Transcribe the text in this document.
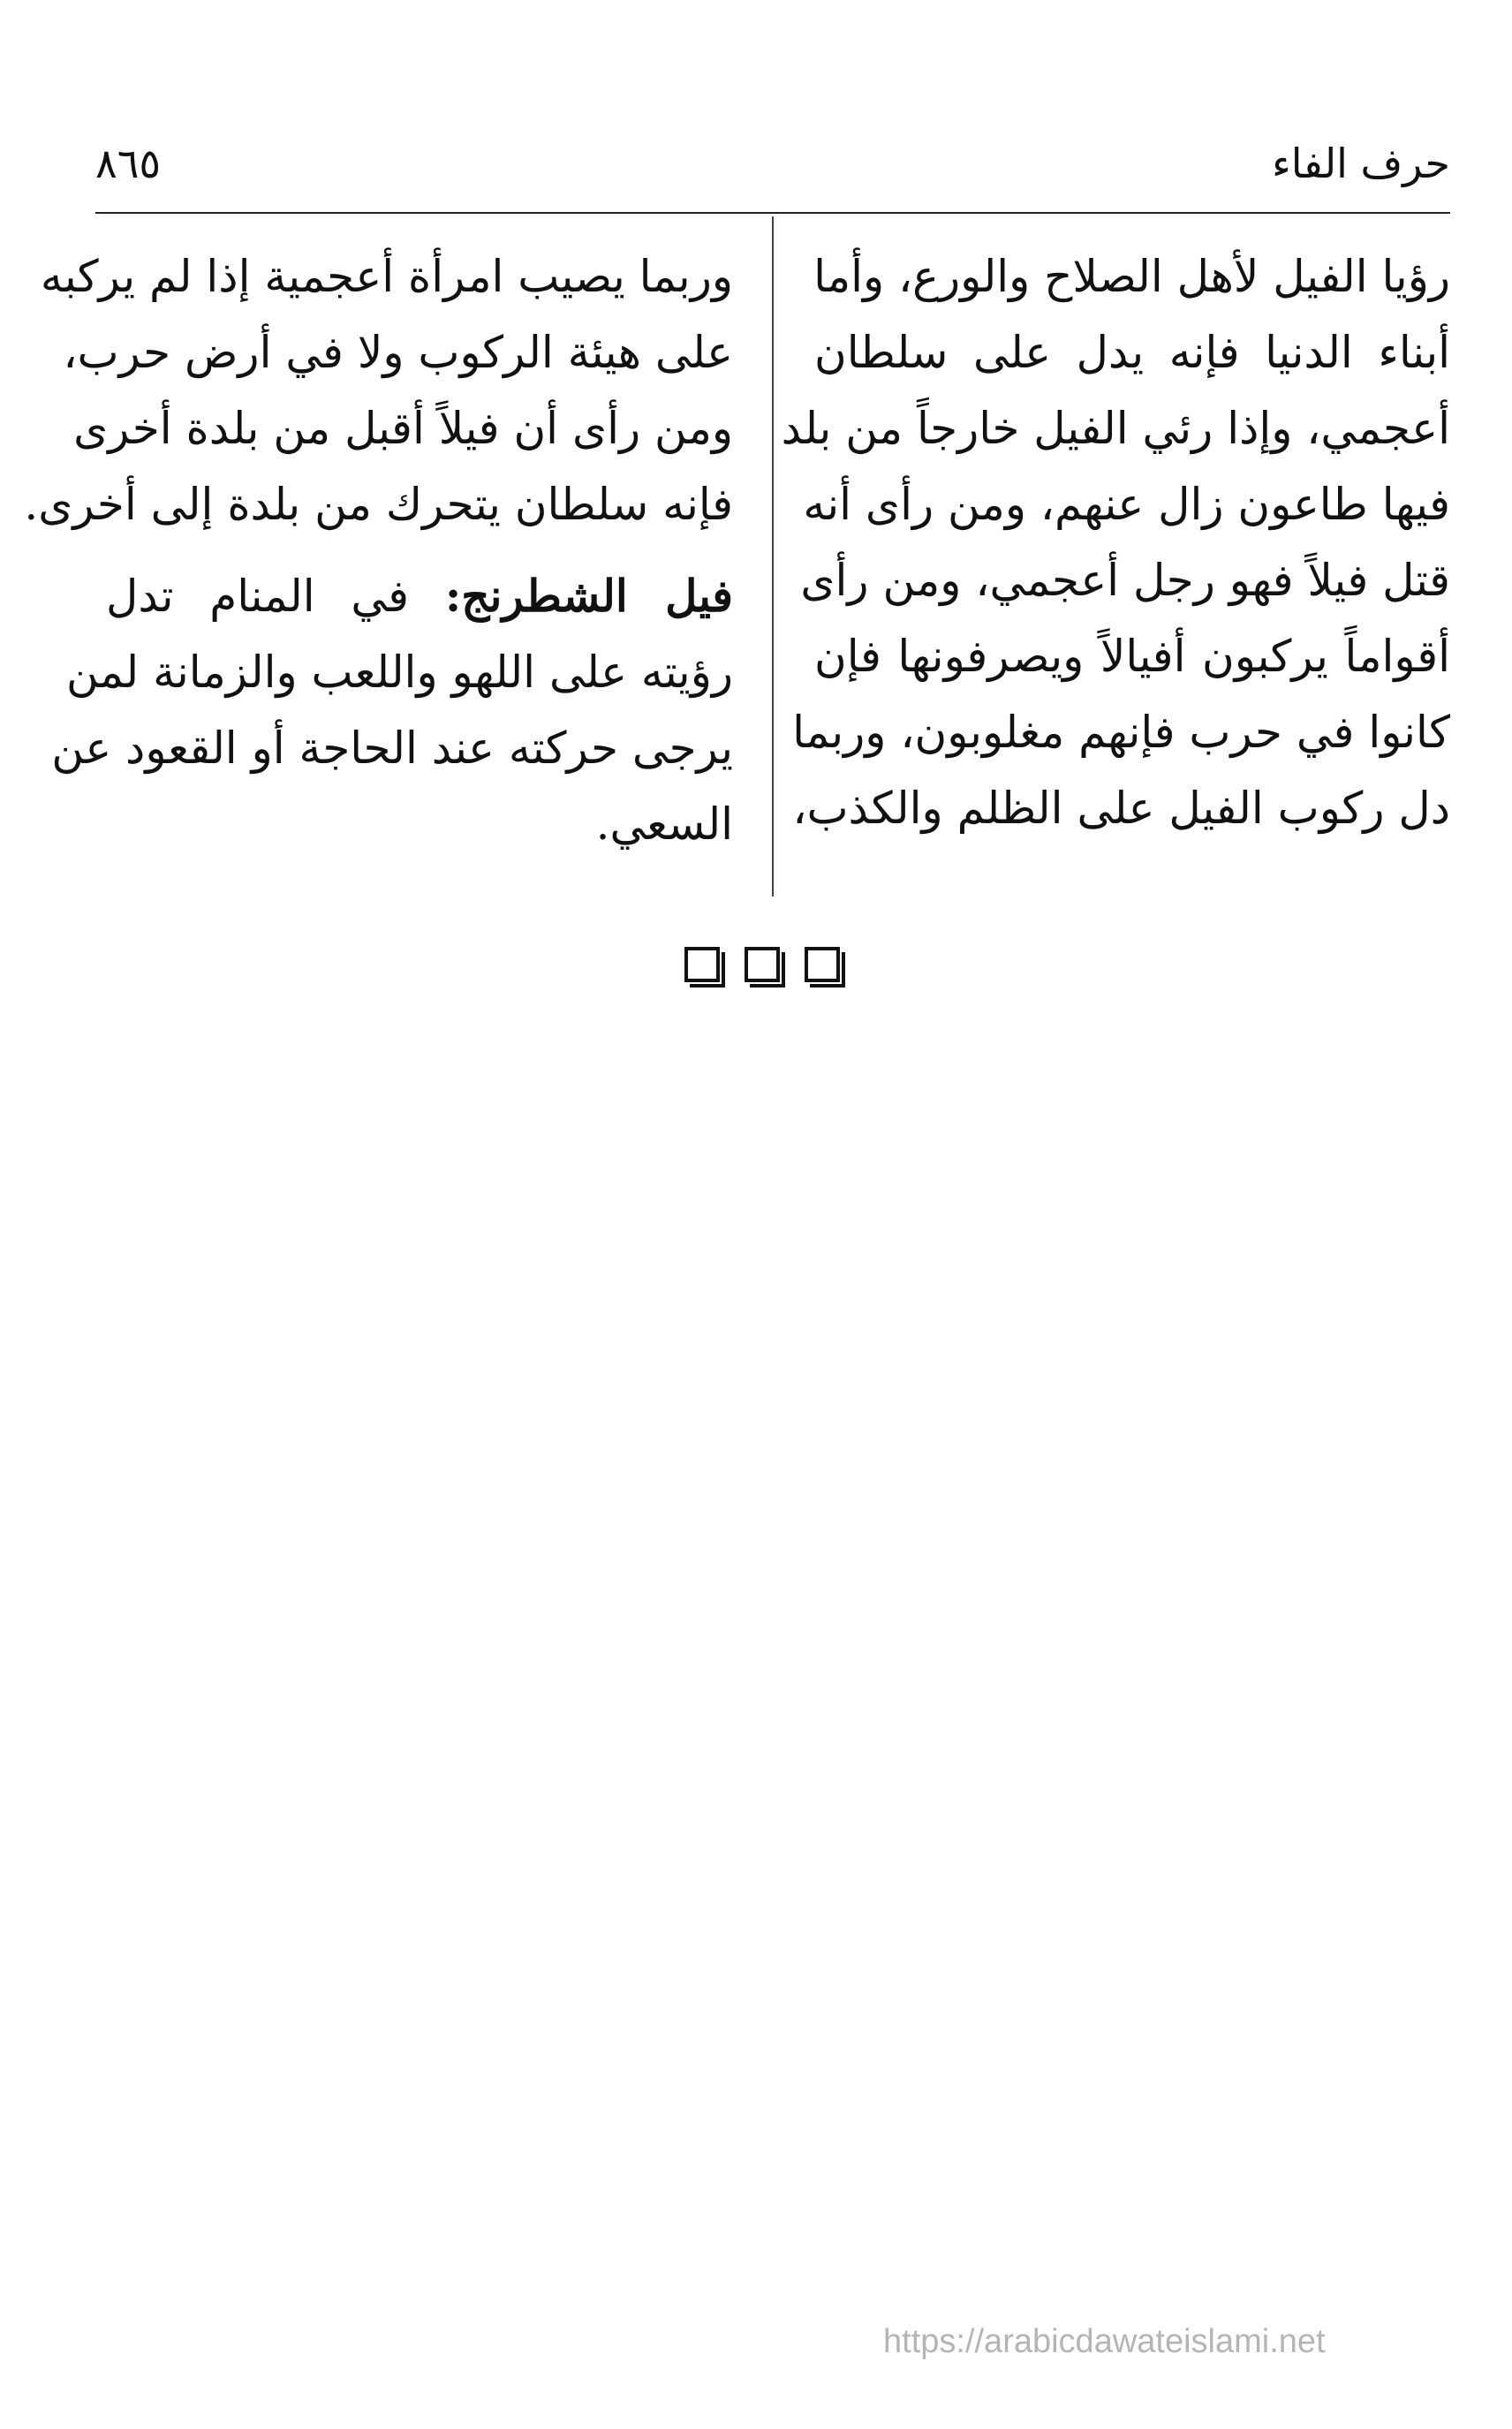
حرف الفاء
٨٦٥
رؤيا الفيل لأهل الصلاح والورع، وأما
أبناء الدنيا فإنه يدل على سلطان
أعجمي، وإذا رئي الفيل خارجاً من بلد
فيها طاعون زال عنهم، ومن رأى أنه
قتل فيلاً فهو رجل أعجمي، ومن رأى
أقواماً يركبون أفيالاً ويصرفونها فإن
كانوا في حرب فإنهم مغلوبون، وربما
دل ركوب الفيل على الظلم والكذب،
وربما يصيب امرأة أعجمية إذا لم يركبه
على هيئة الركوب ولا في أرض حرب،
ومن رأى أن فيلاً أقبل من بلدة أخرى
فإنه سلطان يتحرك من بلدة إلى أخرى.
فيل الشطرنج: في المنام تدل
رؤيته على اللهو واللعب والزمانة لمن
يرجى حركته عند الحاجة أو القعود عن
السعي.
https://arabicdawateislami.net
